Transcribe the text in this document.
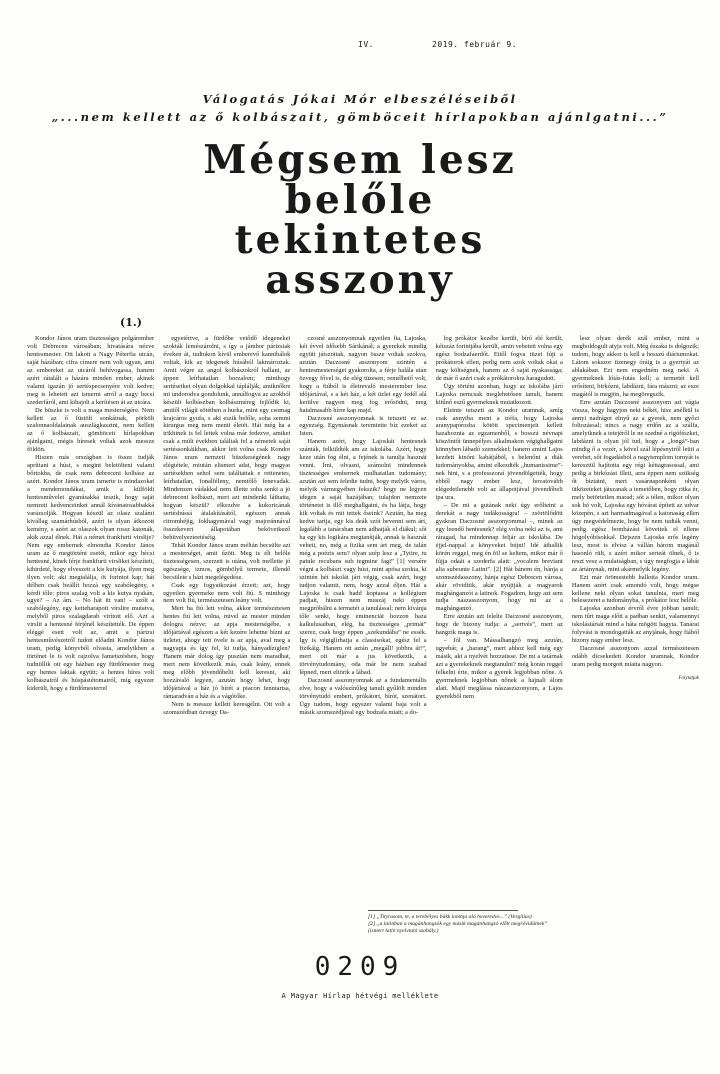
IV.	2019. február 9.
Válogatás Jókai Mór elbeszéléseiből
„...nem kellett az ő kolbászait, gömböceit hírlapokban ajánlgatni...”
Mégsem lesz
belőle
tekintetes
asszony
(1.)

Kondor János uram tisztességes polgárember volt Debrecen városában; hivatására nézve hentesmester. Ott lakott a Nagy Péterfia utcán, saját házában; cifra címere nem volt ugyan, ami az embereket az utcáról behívogassa, hanem azért rátalált a házára minden ember, akinek valami igazán jó sertéspecsenyére volt kedve; meg is lehetett azt ismerni arról a nagy becsi szederfáról, ami kihajolt a kerítésen át az utcára.

De büszke is volt a maga mesterségére. Nem kellett az ő füstölt sonkáinak, pörkölt szalonnaoldalainak auszlágkasztni, nem kellett az ő kolbászait, gömböceit hírlapokban ajánlgatni, mégis híresek voltak azok messze földön.

Hiszen más országban is össze tudják apríttani a húst, s megint beletölteni valami bőrtokba, de csak nem debreceni kolbász az azért. Kondor János uram ismerte is mindazokat a mendemondákat, amik a külföldi hentesművelet gyanúsakká teszik, hogy saját nemzeti kedvenceinket annál kívánatosabbakká varázsolják. Hogyan készül az olasz szalámi kivállag szamárhúsból, azért is olyan átkozott kemény, s azért az olaszok olyan rossz katonák, akik azzal élnek. Hát a német frankfurti virslije? Nem egy embernek elmondta Kondor János uram az ő megtörtént esetét, mikor egy bécsi hentesné, kinek férje frankfurti virsliket készített, kihirdeté, hogy elveszett a kis kutyája, ilyen meg ilyen volt; aki megtalálja, öt forintot kap; hát délben csak beállít hozzá egy szabólegény, s kérdi tőle: piros szalag volt a kis kutya nyakán, ugye? – Az ám. – No hát itt van! – szólt a szabólegény, egy ketteharapott virslire mutatva, melyből piros szalagdarab virított elő. Azt a virslit a hentesné férjénél készítették. De éppen eléggé esett volt az, amit a párizsi hentesművészetről tudott előadni Kondor János uram, pedig könyvből olvasta, amelyikben a történet le is volt rajzolva fametszésben, hogy tudniillik ott egy házban egy fürdőmester meg egy hentes laktak együtt; a hentes híres volt kolbászairól és húspástétomairól, míg egyszer kiderült, hogy a fürdőmesterrel

egyetértve, a fürdőbe vetődő idegeneket szokták lemészárolni, s így a jámbor párizsiak éveken át, tudtukon kívül emberevő kannibálok voltak, kik az idegenek húsából lakmároztak. Amit végre az angol kolbászokról hallani, az éppen leírhatatlan borzalom; minthogy sertéseiket olyan dolgokkal táplálják, amiknőkre mi undorodva gondolunk, annálfogva az azokból készült kolbászban kolbászméreg fejlődik ki, amitől világít sötétben a hurka, mint egy csomag krajcáros gyufa, s aki eszik belőle, soha semmi kirurgus meg nem menti életét. Hát még ha a trikhinek is fel lettek volna már fedezve, amiket csak a múlt években találtak fel a németek saját sertéssonkáikban, akkor lett volna csak Kondor János uram nemzeti büszkeségének nagy elégtétele, miután elismert adat, hogy magyar sertésekben sehol sem találtattak e rettenetes, leírhatatlan, fonalféleny, nemtőlő fenevadak. Mindenzen vádakkal nem illette soha senki a jó debreceni kolbászt, meri azt mindenki láthatta, hogyan készül? elkezdve a kukoricának sertéshússá átalakításától, egészen annak citromhéjig, fokhagymával vagy majoránnával összekevert állapotában bekövetkező behüvelyezteetéséig.

Tehát Kondor János uram méltán becsülte azt a mesterséget, amit űzött. Meg is élt belőle tisztességesen, szerzett is utána, volt mellette jó egészsége, izmos, gömbölyű termete, illendő becsülete s házi megelégedése.

Csak egy fogyatkozást érzett; azt, hogy egyetlen gyermeke nem volt fiú. S minthogy nem volt fiú, természetesen leány volt.

Mert ha fiú lett volna, akkor természetesen hentes fiú lett volna, mivel az mester minden dologra nézve; az apja mesterségébe, s időjártával egészen a két kezére lehetne bízni az üzletet, ahogy tett övele is az apja, aval meg a nagyapja és így fel, ki tudja, hányadíziglen? Hanem már dolog így pusztán nem maradhat, mert nem következik más, csak leány, ennek meg előbb jövendőbelit kell keresni, aki hozzávaló legyen, azután hogy lehet, hogy időjártával a ház jó hírét a piacon fenntartsa, rámaradván a ház és a vágótőke.

Nem is messze kellett keresgélni. Ott volt a szomszédban özvegy Da-

czosné asszonyomnak egyetlen fia, Lajoska, két évvel idősebb Sárikánál; a gyerekek mindig együtt játszottak, nagyon össze voltak szokva, azután Daczosné asszonyom szintén a hentesmesterséget gyakorolta, a férje halála után özvegy fővel is, de elég tüzesen; remélhető volt, hogy a fiúból is életrevaló mesterember lesz időjártával, s a két ház, a két üzlet egy fedél alá kerülve nagyon meg fog erősödni, meg hatalmasabb hírre kap majd.

Daczosné asszonyomnak is tetszett ez az egyezség. Egymásnak teremtette bíz ezeket az Isten.

Hanem azért, hogy Lajoskát hentesnek szánták, felküldték am az iskolába. Azért, hogy keze után fog élni, a fejének is tanulja hasznát venni. Írni, olvasni, számolni mindennek tisztességes embernek mulhatatlan tudomány; azután azt sem feledte tudni, hogy melyik város, melyik vármegyében fekszik? hogy ne legyen idegen a saját hazájában; tulajdon nemzete történetet is illő meghallgatni, és ha látja, hogy kik voltak és mit tettek őseink? Azután, ha meg kedve tartja, egy kis deák szót bevenni sem árt, legalább a tanácsban nem adhatják el diákul; sőt ha egy kis logikára megtanítják, annak is hasznát veheti, no, még a fizika sem árt meg, de talán még a poézis sem? olyan szép lesz a „Tytire, tu patule recubans sub tegmine fagi” [1] versére végni a kolbászt vagy húst, mint apósa szokta, ki szintén hét iskolát járt végig, csak azért, hogy tudjon valamit, nem, hogy azzal éljen. Hát a Lajoska is csak hadd koptassa a kollégium padjait, hiszen nem muszáj neki éppen megpróbálni a termetét a tanulással; nem kívánja tőle senki, hogy eminenciát hozzon haza kalkulusaiban, elég, ha tisztességes „primát” szerez, csak hogy éppen „szekundába” ne essék. Így is végiglírhatja a classisokat, egész fel a fizikáig. Hanem ott aztán „megáll! jobbra át!”, mert ott már a jus következik, a törvénytudomány, oda már be nem szabad lépned, mert eltörik a lábad.

Daczosné asszonyomnak az a fundamentális elve, hogy a valószínűleg tanult gyűlölt minden törvénytudó embert, prókátort, bírót, szenátort. Ügy tudom, hogy egyszer valami baja volt a másik szomszédjával egy bodzafa miatt; a do-

log prókátor kezébe került, bíró elé került, kétszáz forintjába került, amin vehetett volna egy egész bodzafaerdőt. Ettől fogva tüzet fújt a prókátorok ellen, pedig nem azok voltak okai a nagy költségnek, hanem az ő saját nyakassága; de már ő azért csak a prókátorokra haragudott.

Ügy történt azonban, hogy az iskolába járó Lajoska nemcsak meglehetősen tanult, hanem kitűnő eszű gyermeknek mutatkozott.

Eleinte tetszett az Kondor uramnak, amíg csak annyiba ment a tréfa, hogy Lajoska aranypapírosba kötött specimenjeit kellett hazahoznia az egzamenből, s bosszú névnapi köszöntőt ünnepélyes alkalmakon végighallgatni könnyben lábadó szemekkel; hanem amint Lajos kezdett kinőni kabátjából, s belenőni a diák tudományokba, amint elkezdték „humanissime”-nek hini, s a professzoraí jövendölgették, hogy ebből nagy ember lesz, hovatovább elégedetlenebb volt az állapotjával jövendőbeli ipa ura.

– De mi a gutának neki úgy erőltetni a derekát a nagy tudákosságra! – zsörtölődött gyakran Daczosné asszonyommal –, minek az egy leendő hentesnek? elég volna neki az is, ami ráragad, ha mindennap feljár az iskolába. De éjjel-nappal a könyveket bújni! Idé áthallik körén reggel, meg én föl se keltem, mikor már ő fújja odaát a szederfa alatt: „vocalem breviant alia subeunte Latini”. [2] Hát bánom én, bánja a szomszédasszony, bánja egész Debrecen városa, akár röviditik, akár nyújtják a magyarok maghánganzót a latinok. Fogadom, hogy azt sem tudja nászasszonyom, hogy mi az a maghánganzó.

Erre azután azt felelte Daczosné asszonyom, hogy de bizony tudja: a „sertvés”, mert az hangzik maga is.

– Jól van. Mássalhangzó meg azután, ugyebár, a „harang”, mert ahhoz kell még egy másik, aki a nyelvét hozzaüsse. De mi a tatárnak azt a gyerekeknek megtanulni? még korán reggel felkelni érte, mikor a gyerek legjobban nőne. A gyermeknek legjobban nőnek a hajnali álom alatt. Majd meglássa nászaszszonyom, a Lajos gyerekből nem

lesz olyan derék szál ember, mint a megboldogult atyja volt. Még északa is dolgozik; tudom, hogy akkor is kell a hosszú diáriumokat. Látom sokszor tizenegy óráig is a gyertyát az ablakában. Ezt nem engedném meg neki. A gyermeknek lótás-futás kell; a termetét kell erősíteni, birkózni, labdázni, fára mászni; az esze magától is megjön, ha megöregszik.

Erre azután Daczosné asszonyom azt vágta vissza, hogy hagyjon neki békét, hisz anélkül is annyi nadrágot elnyű az a gyerek, nem győzi foltozással; nincs a nagy erdőn az a szálfa, amelyiknek a tetejéről le ne szedné a rigófészket, labdázni is olyan jól tud, hogy a „longá”-ban mindig ő a vezér, s kövel szál lépésnyiről leüti a verebet, sőt fogadásból a nagytemplom tornyát is keresztül hajította egy régi kéttagrasossal, ami pedig a birkózást illeti, arra éppen nem szükség őt biztatni, mert vasárnaponként olyan ütközeteket játszanak a temetőben, hogy ritka ér, mely betörtetlen marad; sőt a télen, mikor olyan sok hó volt, Lajoska egy hóvárat épített az udvar közepén, s azt harmadmagával a katonaság ellen úgy megvédelmezte, hogy be nem tudták venni, pedig egész bombázást követtek el ellene hógolyóbisokkal. Dejszen Lajoska erős legény lesz, most is elvisz a vállán három magánál hasonló rült, s azért mikor serteát ölnek, ő is reszt vesz a mulatságban, s úgy megfogja a lábát az ártánynak, mint akármelyik legény.

Ezt már örömestebb hallotta Kondor uram. Hanem azért csak amondó volt, hogy mégse kellene neki olyan sokat tanulnia, mert meg belesezeret a tudományba, s prókátor lesz belőle.

Lajoska azonban érvről évre jobban tanult; nem tűrt maga előtt a padban senkit, valamennyi iskolástársát mind a háta mögött hagyta. Tanárai folyvást is mondogatták az anyjának, hogy fiából bizony nagy ember lesz.

Daczosné asszonyom azzal természetesen odább dicsekedett Kondor uramnak, Kondor uram pedig morgott miatta nagyon.

Folytatjuk

[1] „Tityrusom, te, a terebélyes bükk lombja alá heveredve...” (Vergilius)
[2] „a latinban a magánhangzók egy másik magánhangzó előtt megrövidülnek”
(ismert latin nyelvtani szabály.)
0209
A Magyar Hírlap hétvégi melléklete
